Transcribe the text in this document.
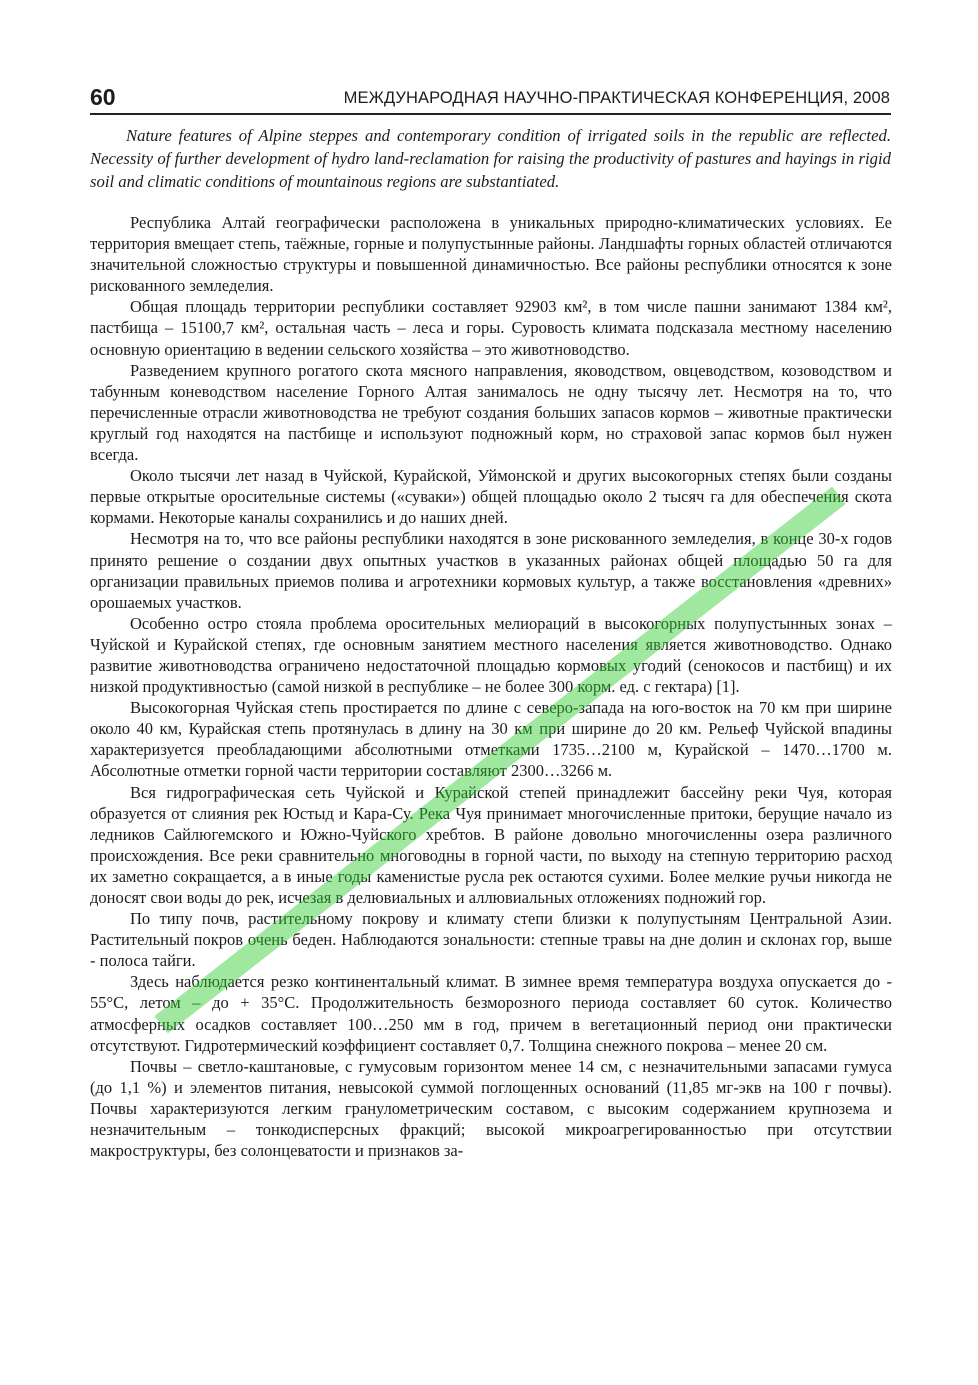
60	МЕЖДУНАРОДНАЯ НАУЧНО-ПРАКТИЧЕСКАЯ КОНФЕРЕНЦИЯ, 2008

Nature features of Alpine steppes and contemporary condition of irrigated soils in the republic are reflected. Necessity of further development of hydro land-reclamation for raising the productivity of pastures and hayings in rigid soil and climatic conditions of mountainous regions are substantiated.

Республика Алтай географически расположена в уникальных природно-климатических условиях. Ее территория вмещает степь, таёжные, горные и полупустынные районы. Ландшафты горных областей отличаются значительной сложностью структуры и повышенной динамичностью. Все районы республики относятся к зоне рискованного земледелия.

Общая площадь территории республики составляет 92903 км², в том числе пашни занимают 1384 км², пастбища – 15100,7 км², остальная часть – леса и горы. Суровость климата подсказала местному населению основную ориентацию в ведении сельского хозяйства – это животноводство.

Разведением крупного рогатого скота мясного направления, яководством, овцеводством, козоводством и табунным коневодством население Горного Алтая занималось не одну тысячу лет. Несмотря на то, что перечисленные отрасли животноводства не требуют создания больших запасов кормов – животные практически круглый год находятся на пастбище и используют подножный корм, но страховой запас кормов был нужен всегда.

Около тысячи лет назад в Чуйской, Курайской, Уймонской и других высокогорных степях были созданы первые открытые оросительные системы («суваки») общей площадью около 2 тысяч га для обеспечения скота кормами. Некоторые каналы сохранились и до наших дней.

Несмотря на то, что все районы республики находятся в зоне рискованного земледелия, в конце 30-х годов принято решение о создании двух опытных участков в указанных районах общей площадью 50 га для организации правильных приемов полива и агротехники кормовых культур, а также восстановления «древних» орошаемых участков.

Особенно остро стояла проблема оросительных мелиораций в высокогорных полупустынных зонах – Чуйской и Курайской степях, где основным занятием местного населения является животноводство. Однако развитие животноводства ограничено недостаточной площадью кормовых угодий (сенокосов и пастбищ) и их низкой продуктивностью (самой низкой в республике – не более 300 корм. ед. с гектара) [1].

Высокогорная Чуйская степь простирается по длине с северо-запада на юго-восток на 70 км при ширине около 40 км, Курайская степь протянулась в длину на 30 км при ширине до 20 км. Рельеф Чуйской впадины характеризуется преобладающими абсолютными отметками 1735…2100 м, Курайской – 1470…1700 м. Абсолютные отметки горной части территории составляют 2300…3266 м.

Вся гидрографическая сеть Чуйской и Курайской степей принадлежит бассейну реки Чуя, которая образуется от слияния рек Юстыд и Кара-Су. Река Чуя принимает многочисленные притоки, берущие начало из ледников Сайлюгемского и Южно-Чуйского хребтов. В районе довольно многочисленны озера различного происхождения. Все реки сравнительно многоводны в горной части, по выходу на степную территорию расход их заметно сокращается, а в иные годы каменистые русла рек остаются сухими. Более мелкие ручьи никогда не доносят свои воды до рек, исчезая в делювиальных и аллювиальных отложениях подножий гор.

По типу почв, растительному покрову и климату степи близки к полупустыням Центральной Азии. Растительный покров очень беден. Наблюдаются зональности: степные травы на дне долин и склонах гор, выше - полоса тайги.

Здесь наблюдается резко континентальный климат. В зимнее время температура воздуха опускается до - 55°С, летом – до + 35°С. Продолжительность безморозного периода составляет 60 суток. Количество атмосферных осадков составляет 100…250 мм в год, причем в вегетационный период они практически отсутствуют. Гидротермический коэффициент составляет 0,7. Толщина снежного покрова – менее 20 см.

Почвы – светло-каштановые, с гумусовым горизонтом менее 14 см, с незначительными запасами гумуса (до 1,1 %) и элементов питания, невысокой суммой поглощенных оснований (11,85 мг-экв на 100 г почвы). Почвы характеризуются легким гранулометрическим составом, с высоким содержанием крупнозема и незначительным – тонкодисперсных фракций; высокой микроагрегированностью при отсутствии макроструктуры, без солонцеватости и признаков за-
